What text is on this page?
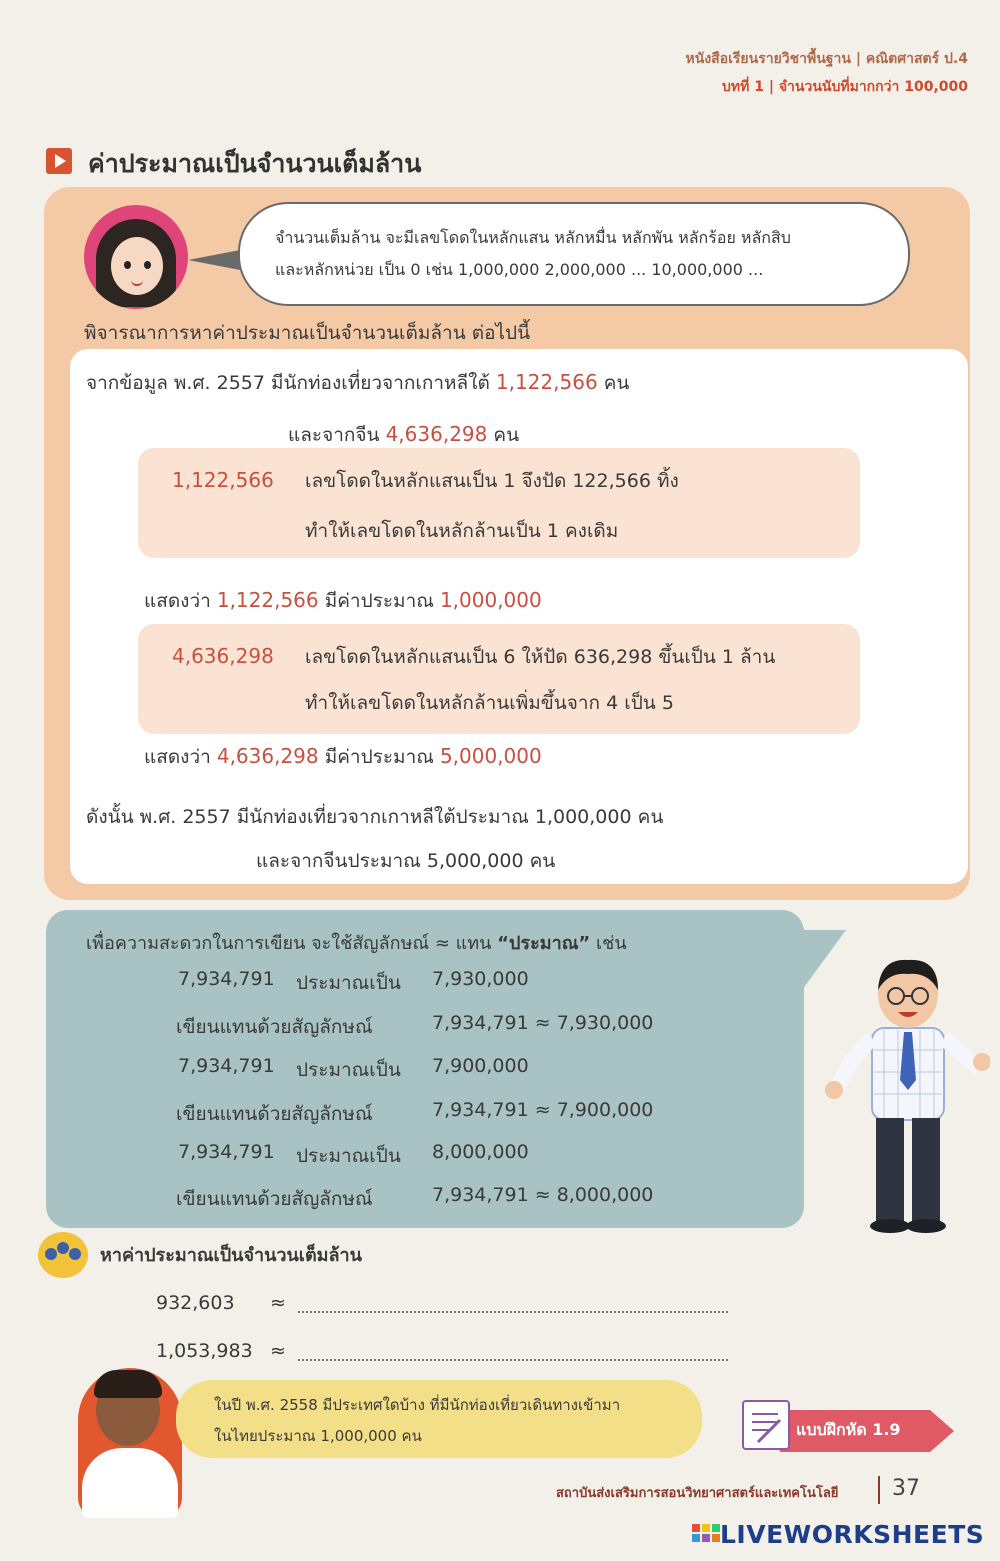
หนังสือเรียนรายวิชาพื้นฐาน | คณิตศาสตร์ ป.4
บทที่ 1 | จำนวนนับที่มากกว่า 100,000
ค่าประมาณเป็นจำนวนเต็มล้าน
จำนวนเต็มล้าน จะมีเลขโดดในหลักแสน หลักหมื่น หลักพัน หลักร้อย หลักสิบ
และหลักหน่วย เป็น 0 เช่น 1,000,000 2,000,000 ... 10,000,000 ...
พิจารณาการหาค่าประมาณเป็นจำนวนเต็มล้าน ต่อไปนี้
จากข้อมูล พ.ศ. 2557 มีนักท่องเที่ยวจากเกาหลีใต้ 1,122,566 คน
และจากจีน 4,636,298 คน
1,122,566 เลขโดดในหลักแสนเป็น 1 จึงปัด 122,566 ทิ้ง
ทำให้เลขโดดในหลักล้านเป็น 1 คงเดิม
แสดงว่า 1,122,566 มีค่าประมาณ 1,000,000
4,636,298 เลขโดดในหลักแสนเป็น 6 ให้ปัด 636,298 ขึ้นเป็น 1 ล้าน
ทำให้เลขโดดในหลักล้านเพิ่มขึ้นจาก 4 เป็น 5
แสดงว่า 4,636,298 มีค่าประมาณ 5,000,000
ดังนั้น พ.ศ. 2557 มีนักท่องเที่ยวจากเกาหลีใต้ประมาณ 1,000,000 คน
และจากจีนประมาณ 5,000,000 คน
เพื่อความสะดวกในการเขียน จะใช้สัญลักษณ์ ≈ แทน “ประมาณ” เช่น
7,934,791 ประมาณเป็น 7,930,000
เขียนแทนด้วยสัญลักษณ์	7,934,791 ≈ 7,930,000
7,934,791 ประมาณเป็น 7,900,000
เขียนแทนด้วยสัญลักษณ์	7,934,791 ≈ 7,900,000
7,934,791 ประมาณเป็น 8,000,000
เขียนแทนด้วยสัญลักษณ์	7,934,791 ≈ 8,000,000
หาค่าประมาณเป็นจำนวนเต็มล้าน
932,603 ≈
1,053,983 ≈
ในปี พ.ศ. 2558 มีประเทศใดบ้าง ที่มีนักท่องเที่ยวเดินทางเข้ามา
ในไทยประมาณ 1,000,000 คน	แบบฝึกหัด 1.9
สถาบันส่งเสริมการสอนวิทยาศาสตร์และเทคโนโลยี 37
LIVEWORKSHEETS
